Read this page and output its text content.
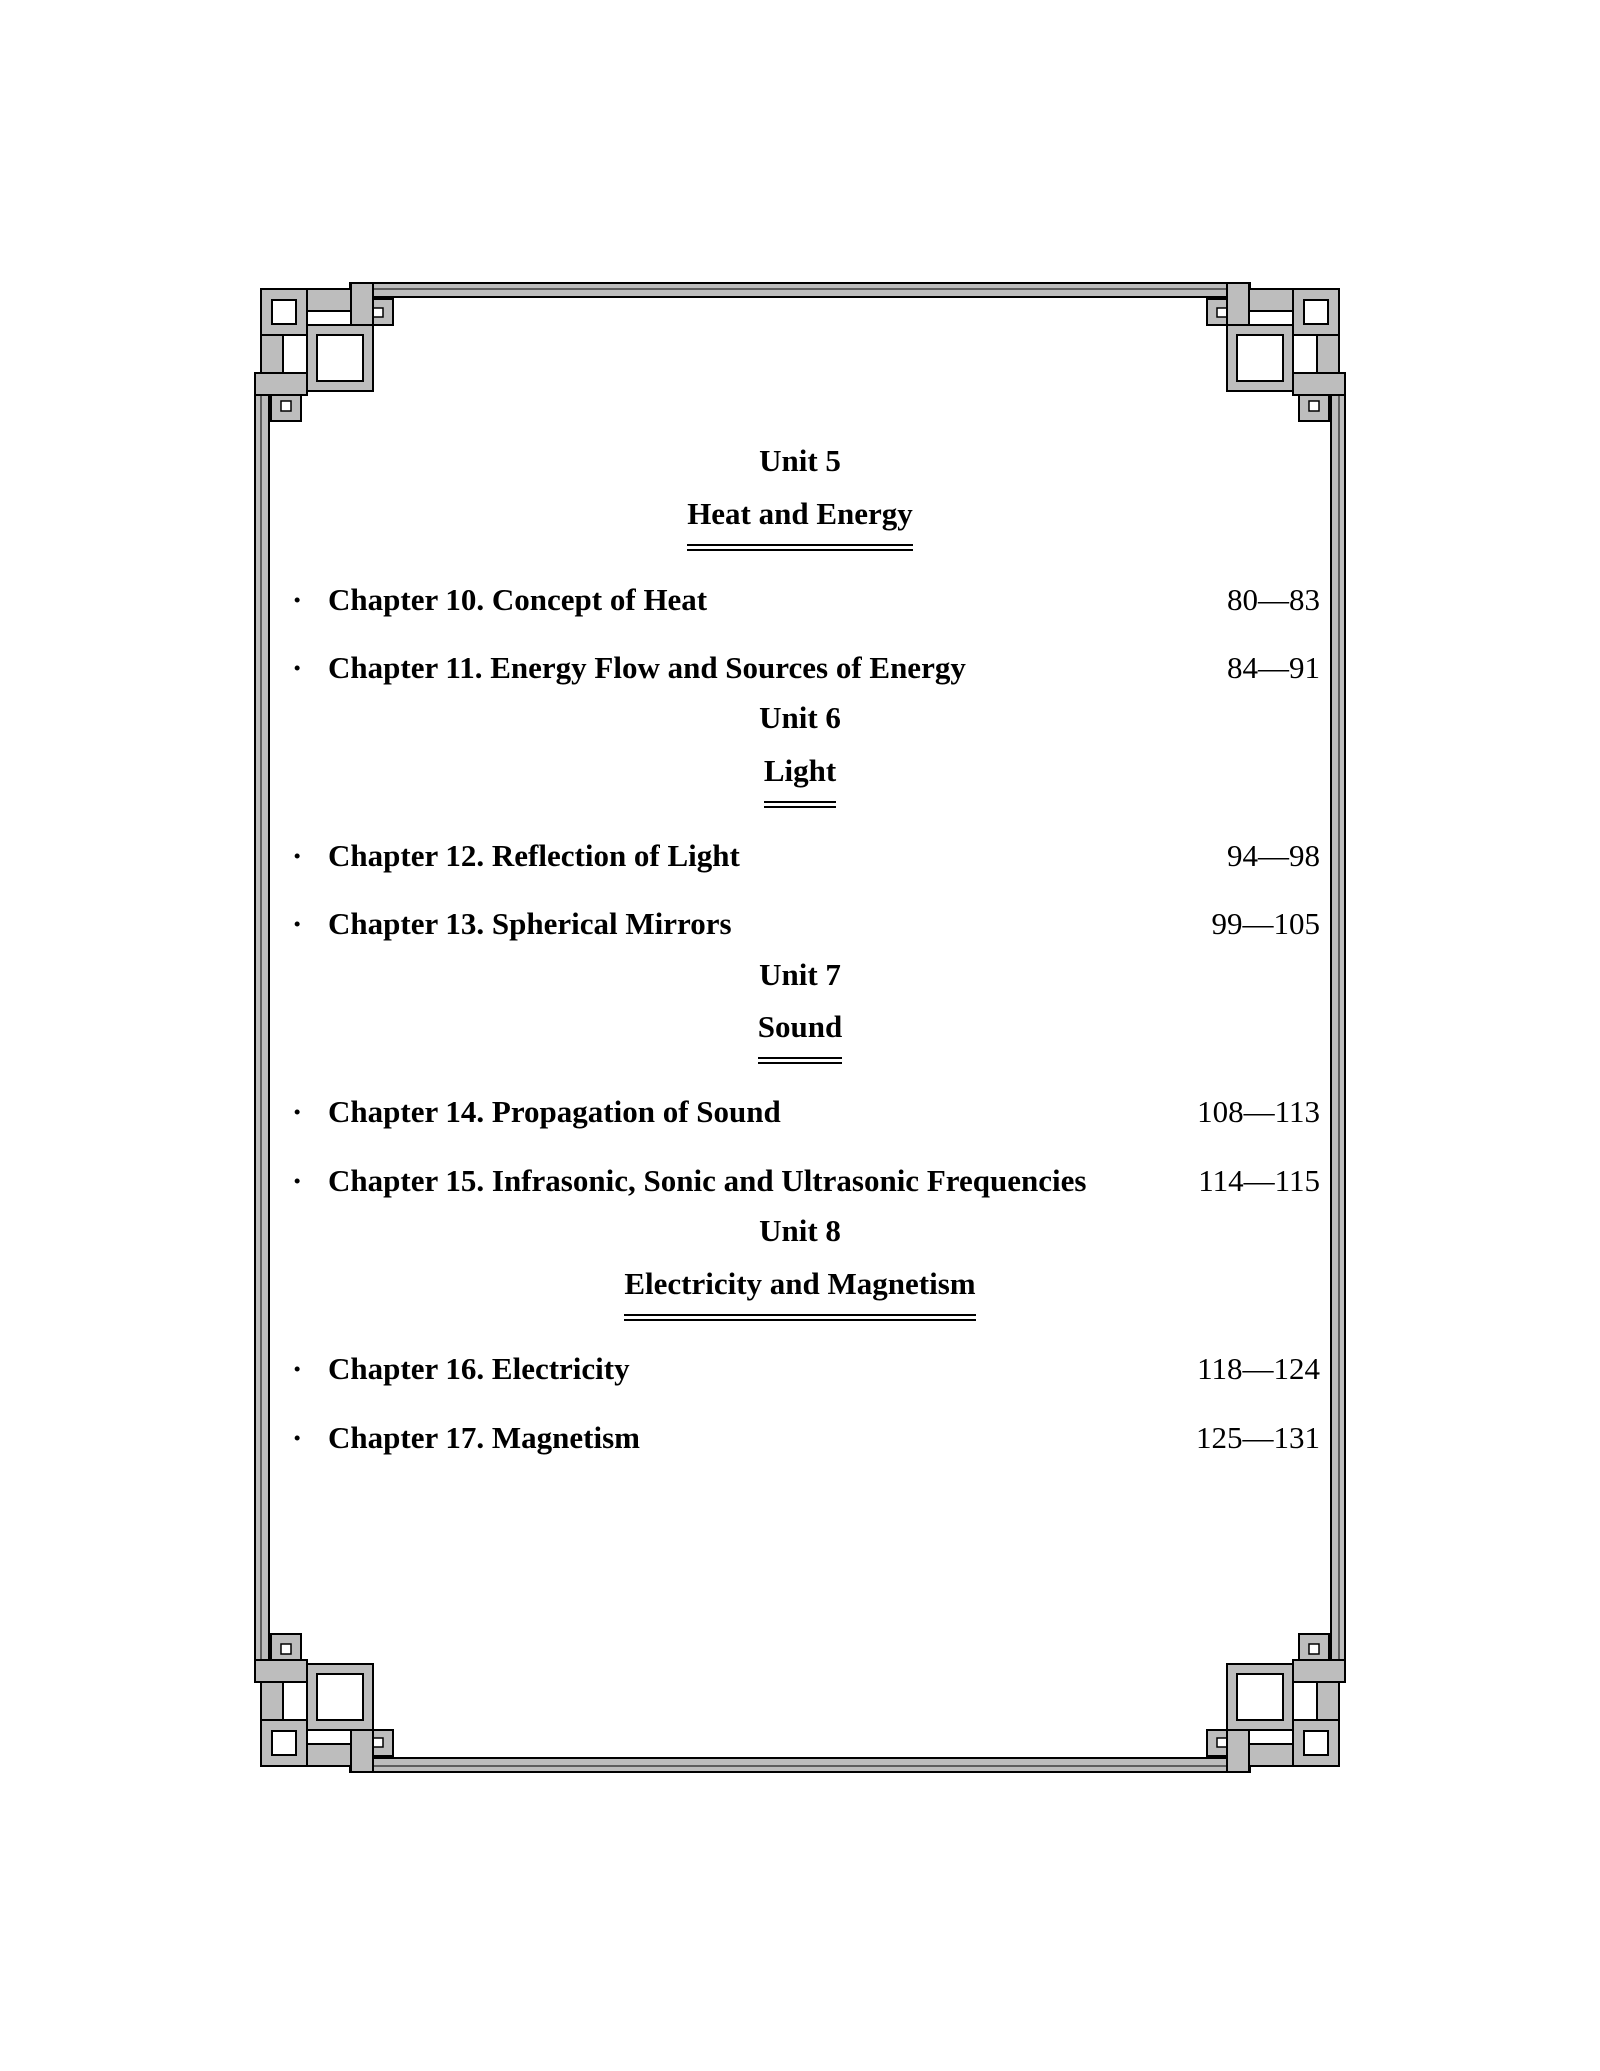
Unit 5
Heat and Energy
· Chapter 10. Concept of Heat	80—83
· Chapter 11. Energy Flow and Sources of Energy	84—91
Unit 6
Light
· Chapter 12. Reflection of Light	94—98
· Chapter 13. Spherical Mirrors	99—105
Unit 7
Sound
· Chapter 14. Propagation of Sound	108—113
· Chapter 15. Infrasonic, Sonic and Ultrasonic Frequencies	114—115
Unit 8
Electricity and Magnetism
· Chapter 16. Electricity	118—124
· Chapter 17. Magnetism	125—131
